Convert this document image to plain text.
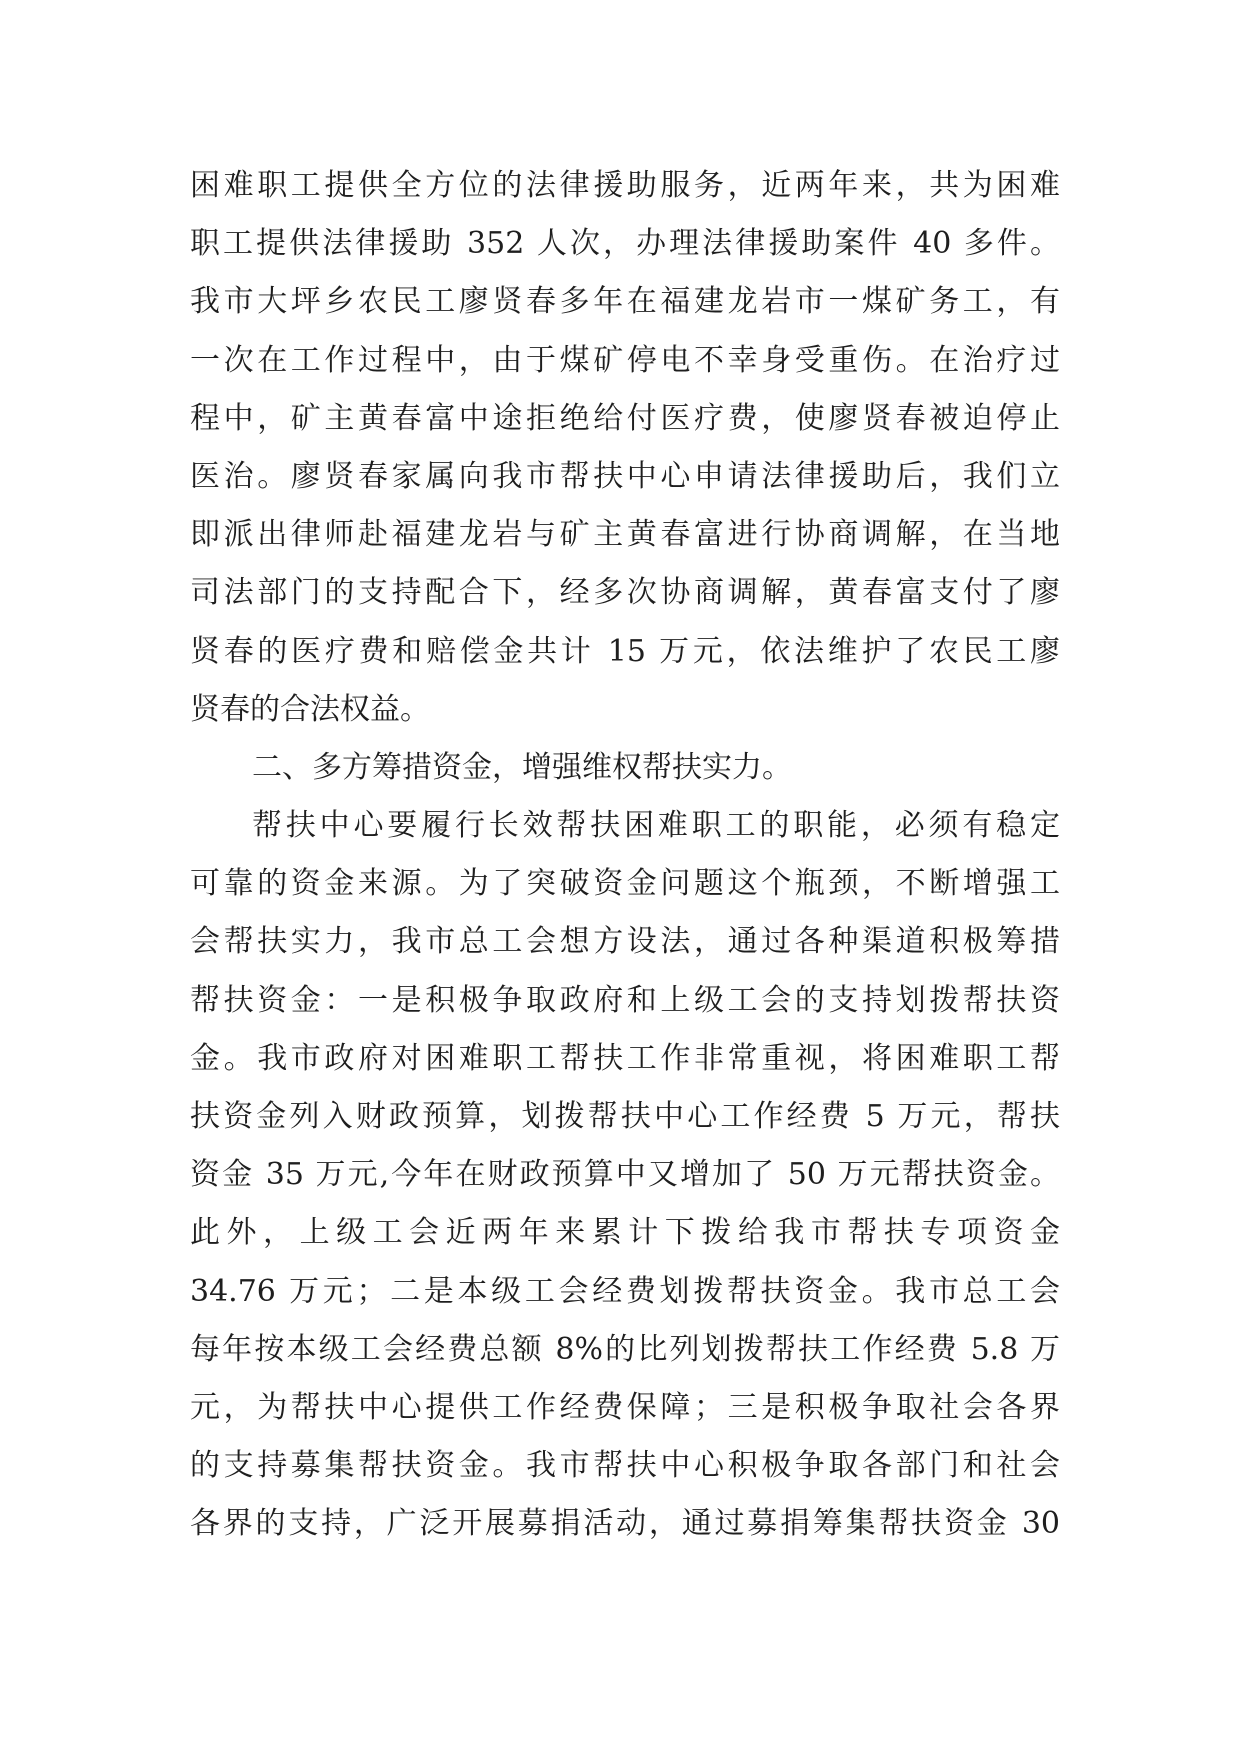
困难职工提供全方位的法律援助服务，近两年来，共为困难
职工提供法律援助 352 人次，办理法律援助案件 40 多件。
我市大坪乡农民工廖贤春多年在福建龙岩市一煤矿务工，有
一次在工作过程中，由于煤矿停电不幸身受重伤。在治疗过
程中，矿主黄春富中途拒绝给付医疗费，使廖贤春被迫停止
医治。廖贤春家属向我市帮扶中心申请法律援助后，我们立
即派出律师赴福建龙岩与矿主黄春富进行协商调解，在当地
司法部门的支持配合下，经多次协商调解，黄春富支付了廖
贤春的医疗费和赔偿金共计 15 万元，依法维护了农民工廖
贤春的合法权益。
二、多方筹措资金，增强维权帮扶实力。
帮扶中心要履行长效帮扶困难职工的职能，必须有稳定
可靠的资金来源。为了突破资金问题这个瓶颈，不断增强工
会帮扶实力，我市总工会想方设法，通过各种渠道积极筹措
帮扶资金：一是积极争取政府和上级工会的支持划拨帮扶资
金。我市政府对困难职工帮扶工作非常重视，将困难职工帮
扶资金列入财政预算，划拨帮扶中心工作经费 5 万元，帮扶
资金 35 万元,今年在财政预算中又增加了 50 万元帮扶资金。
此外，上级工会近两年来累计下拨给我市帮扶专项资金
34.76 万元；二是本级工会经费划拨帮扶资金。我市总工会
每年按本级工会经费总额 8%的比列划拨帮扶工作经费 5.8 万
元，为帮扶中心提供工作经费保障；三是积极争取社会各界
的支持募集帮扶资金。我市帮扶中心积极争取各部门和社会
各界的支持，广泛开展募捐活动，通过募捐筹集帮扶资金 30
